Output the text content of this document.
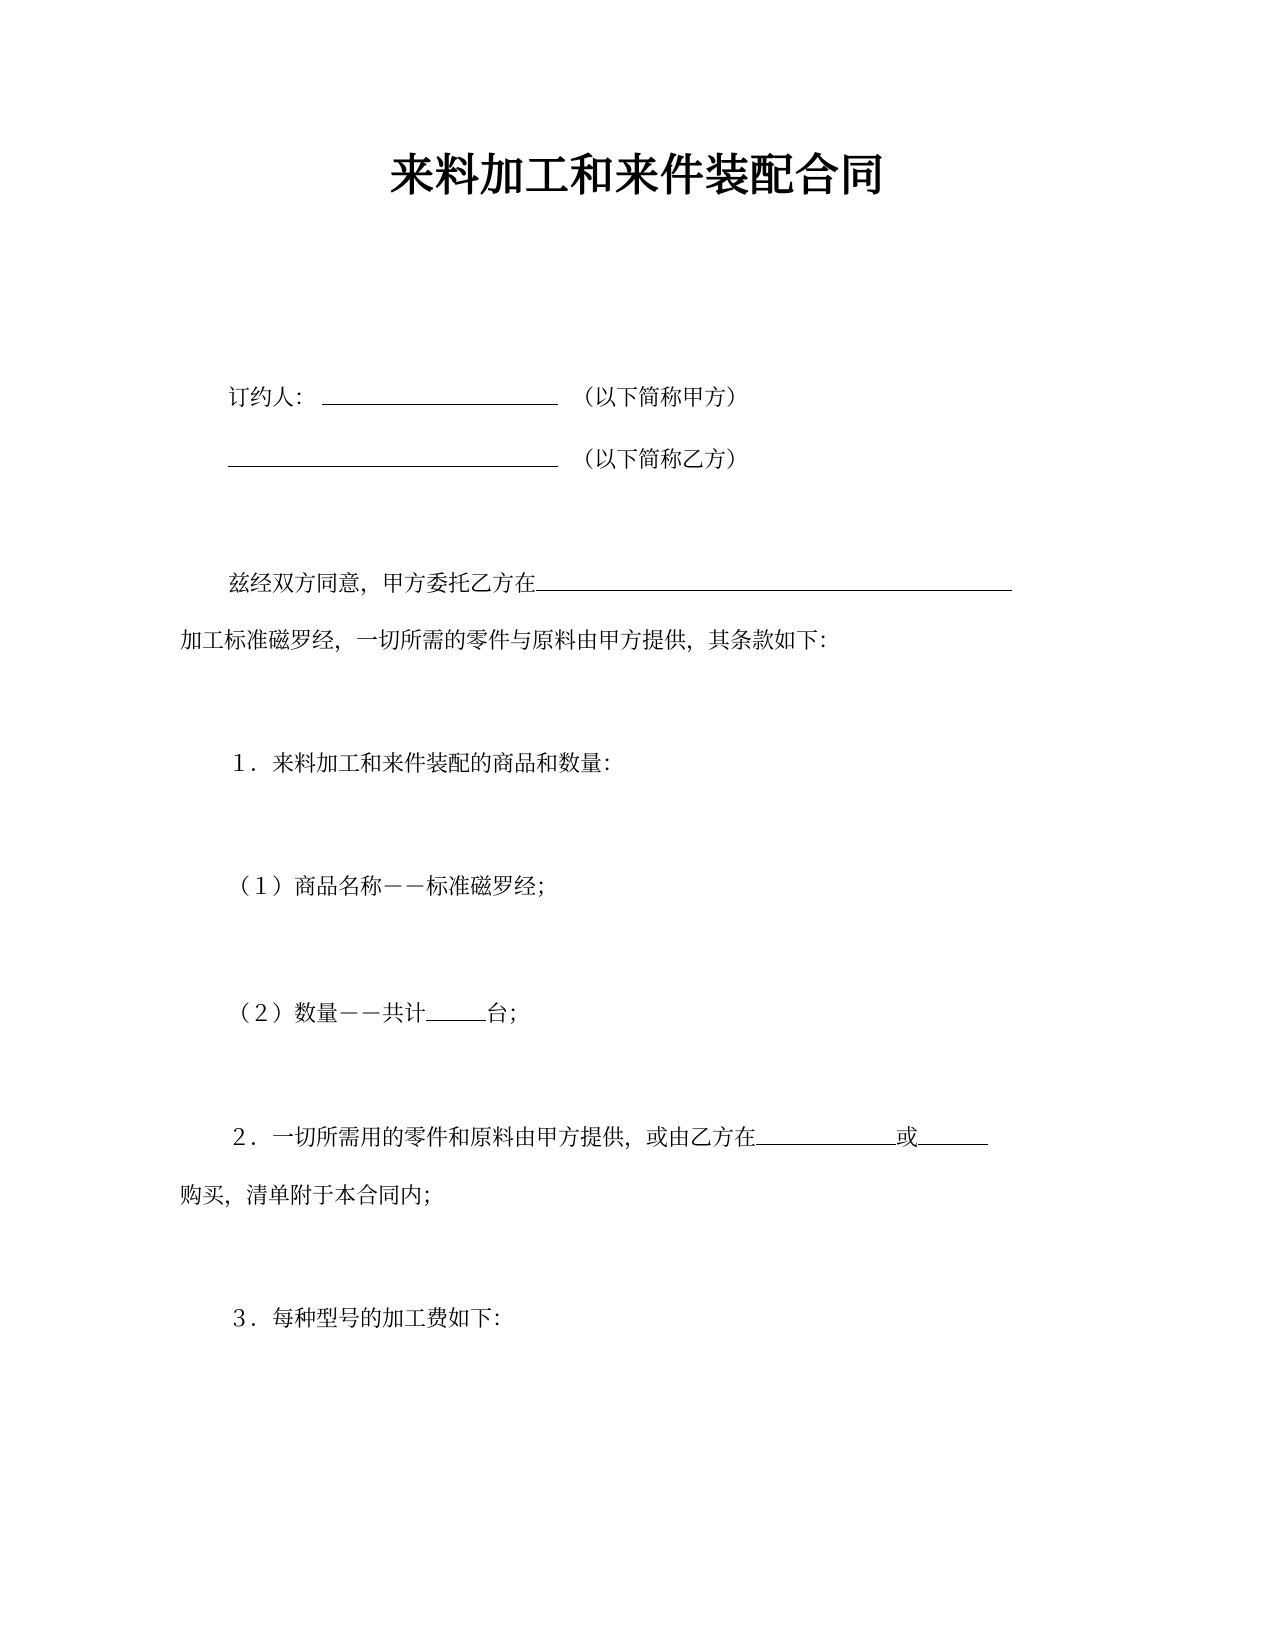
来料加工和来件装配合同
订约人：	（以下简称甲方）
（以下简称乙方）
兹经双方同意，甲方委托乙方在
加工标准磁罗经，一切所需的零件与原料由甲方提供，其条款如下：
１．来料加工和来件装配的商品和数量：
（１）商品名称－－标准磁罗经；
（２）数量－－共计	台；
２．一切所需用的零件和原料由甲方提供，或由乙方在	或
购买，清单附于本合同内；
３．每种型号的加工费如下：
